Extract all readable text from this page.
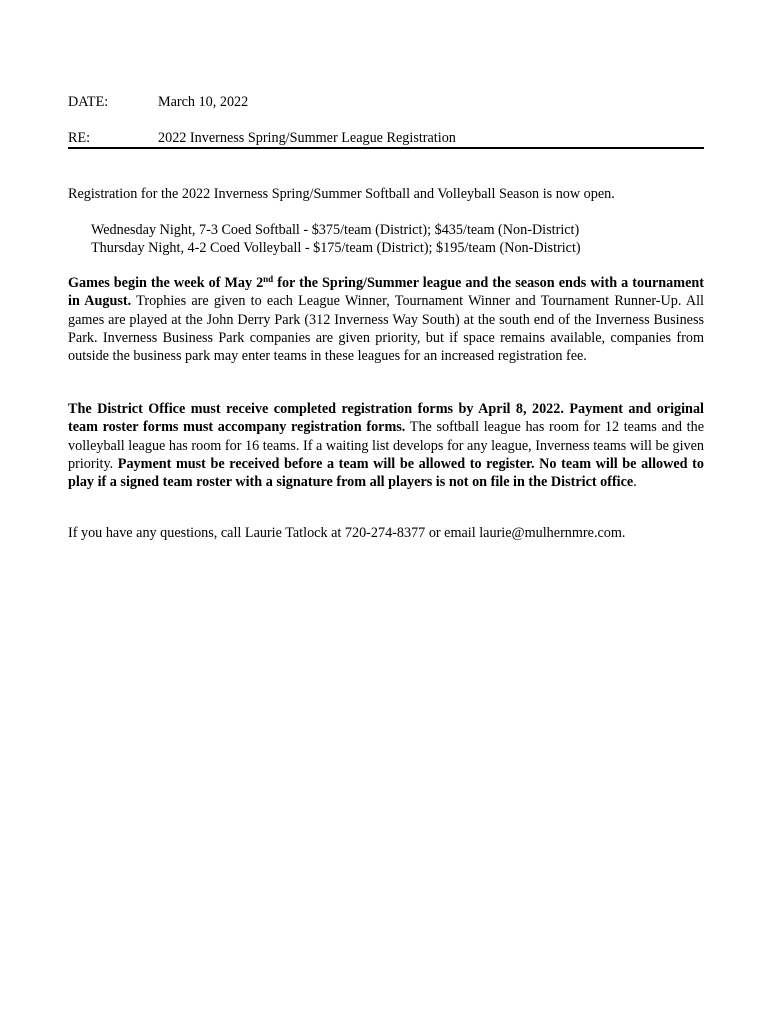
DATE:	March 10, 2022
RE:	2022 Inverness Spring/Summer League Registration
Registration for the 2022 Inverness Spring/Summer Softball and Volleyball Season is now open.
Wednesday Night, 7-3 Coed Softball - $375/team (District); $435/team (Non-District)
Thursday Night, 4-2 Coed Volleyball - $175/team (District); $195/team (Non-District)
Games begin the week of May 2nd for the Spring/Summer league and the season ends with a tournament in August. Trophies are given to each League Winner, Tournament Winner and Tournament Runner-Up. All games are played at the John Derry Park (312 Inverness Way South) at the south end of the Inverness Business Park. Inverness Business Park companies are given priority, but if space remains available, companies from outside the business park may enter teams in these leagues for an increased registration fee.
The District Office must receive completed registration forms by April 8, 2022. Payment and original team roster forms must accompany registration forms. The softball league has room for 12 teams and the volleyball league has room for 16 teams. If a waiting list develops for any league, Inverness teams will be given priority. Payment must be received before a team will be allowed to register. No team will be allowed to play if a signed team roster with a signature from all players is not on file in the District office.
If you have any questions, call Laurie Tatlock at 720-274-8377 or email laurie@mulhernmre.com.
